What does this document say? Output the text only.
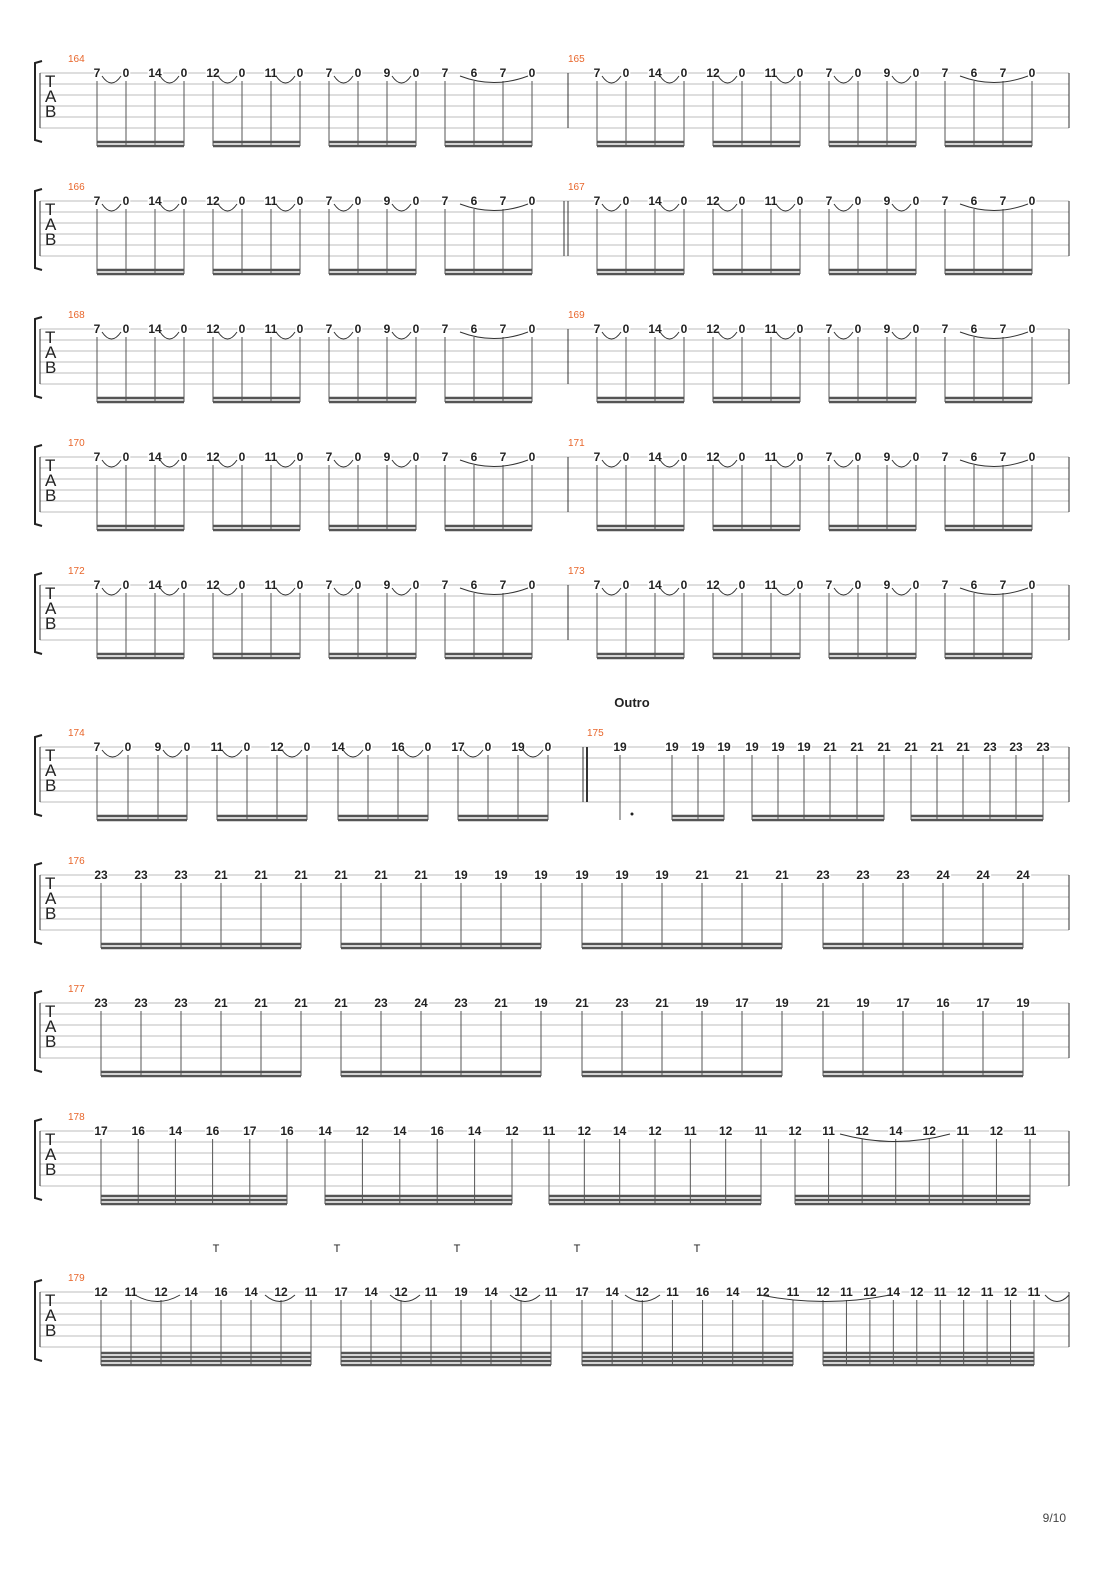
T
A
B
164
7 0 14 0 12 0 11 0 7 0 9 0 7 6 7 0
165
7 0 14 0 12 0 11 0 7 0 9 0 7 6 7 0
T
A
B
166
7 0 14 0 12 0 11 0 7 0 9 0 7 6 7 0
167
7 0 14 0 12 0 11 0 7 0 9 0 7 6 7 0
T
A
B
168
7 0 14 0 12 0 11 0 7 0 9 0 7 6 7 0
169
7 0 14 0 12 0 11 0 7 0 9 0 7 6 7 0
T
A
B
170
7 0 14 0 12 0 11 0 7 0 9 0 7 6 7 0
171
7 0 14 0 12 0 11 0 7 0 9 0 7 6 7 0
T
A
B
172
7 0 14 0 12 0 11 0 7 0 9 0 7 6 7 0
173
7 0 14 0 12 0 11 0 7 0 9 0 7 6 7 0
T
A
B
Outro
174
7 0 9 0 11 0 12 0 14 0 16 0 17 0 19 0
175
19	19 19 19 19 19 19 21 21 21 21 21 21 23 23 23
T
A
B
176
23 23 23 21 21 21 21 21 21 19 19 19 19 19 19 21 21 21 23 23 23 24 24 24
T
A
B
177
23 23 23 21 21 21 21 23 24 23 21 19 21 23 21 19 17 19 21 19 17 16 17 19
T
A
B
178
17 16 14 16 17 16 14 12 14 16 14 12 11 12 14 12 11 12 11 12 11 12 14 12 11 12 11
T
A
B
179
12 11 12 14 16 14 12 11 17 14 12 11 19 14 12 11 17 14 12 11 16 14 12 11 12 11 12 14 12 11 12 11 12 11
T	T	T	T	T
9/10
